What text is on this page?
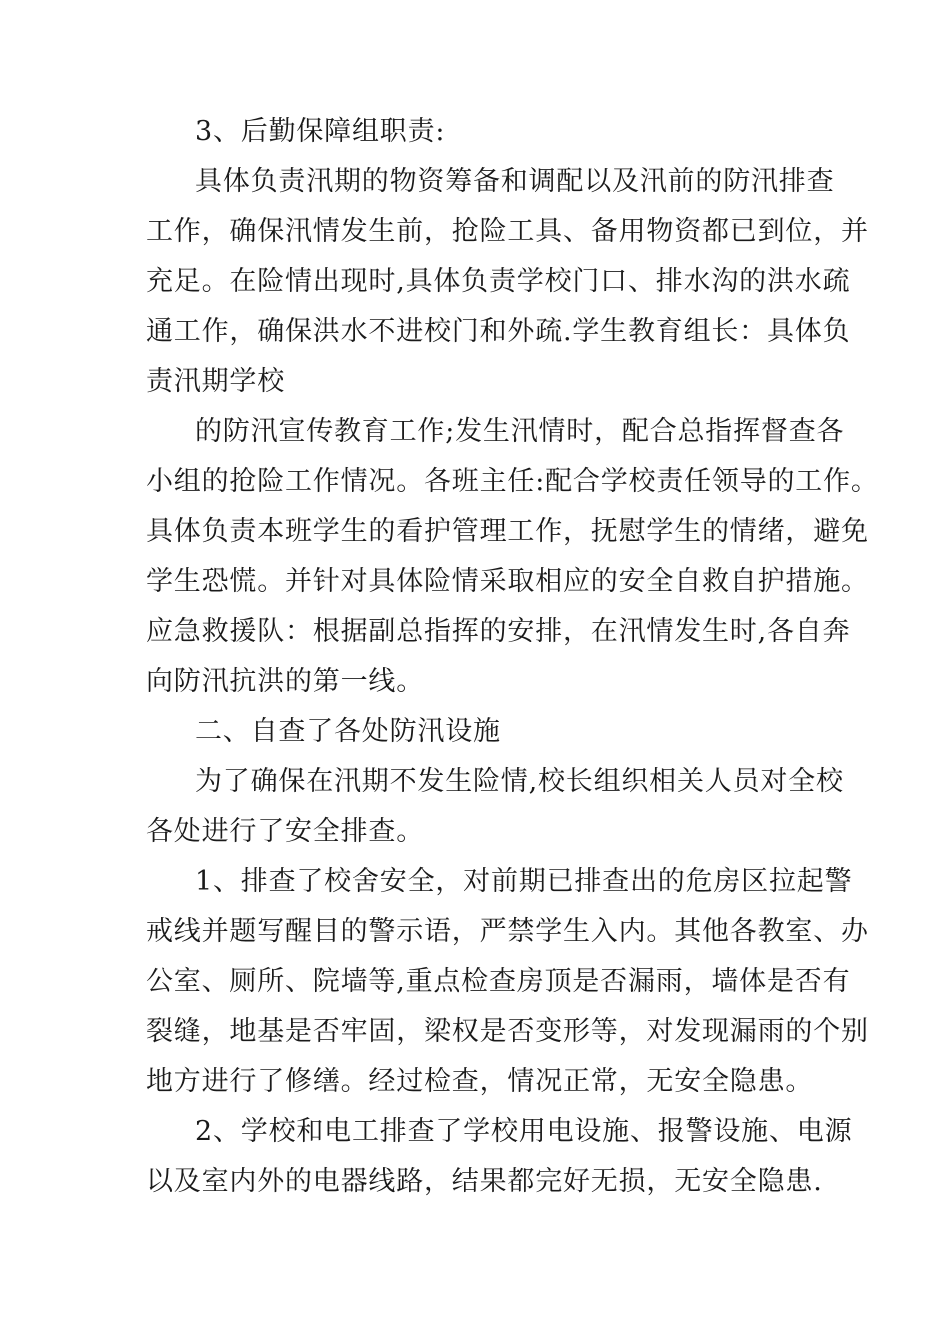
3、后勤保障组职责:
具体负责汛期的物资筹备和调配以及汛前的防汛排查
工作，确保汛情发生前，抢险工具、备用物资都已到位，并
充足。在险情出现时,具体负责学校门口、排水沟的洪水疏
通工作，确保洪水不进校门和外疏.学生教育组长：具体负
责汛期学校
的防汛宣传教育工作;发生汛情时，配合总指挥督查各
小组的抢险工作情况。各班主任:配合学校责任领导的工作。
具体负责本班学生的看护管理工作，抚慰学生的情绪，避免
学生恐慌。并针对具体险情采取相应的安全自救自护措施。
应急救援队：根据副总指挥的安排，在汛情发生时,各自奔
向防汛抗洪的第一线。
二、自查了各处防汛设施
为了确保在汛期不发生险情,校长组织相关人员对全校
各处进行了安全排查。
1、排查了校舍安全，对前期已排查出的危房区拉起警
戒线并题写醒目的警示语，严禁学生入内。其他各教室、办
公室、厕所、院墙等,重点检查房顶是否漏雨，墙体是否有
裂缝，地基是否牢固，梁权是否变形等，对发现漏雨的个别
地方进行了修缮。经过检查，情况正常，无安全隐患。
2、学校和电工排查了学校用电设施、报警设施、电源
以及室内外的电器线路，结果都完好无损，无安全隐患.
